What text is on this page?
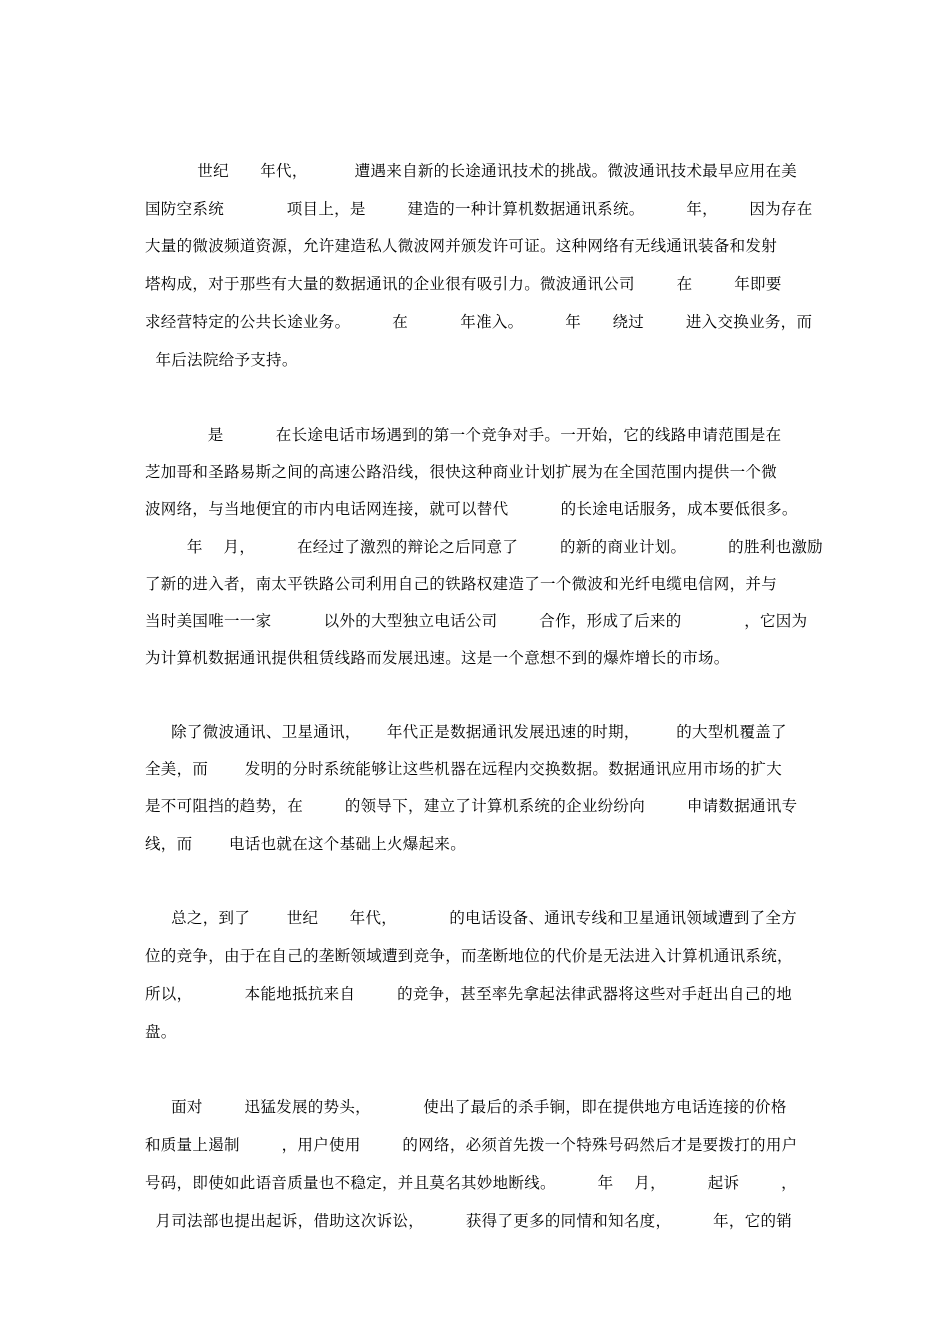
世纪      年代，         遭遇来自新的长途通讯技术的挑战。微波通讯技术最早应用在美
国防空系统            项目上，是        建造的一种计算机数据通讯系统。        年，      因为存在
大量的微波频道资源，允许建造私人微波网并颁发许可证。这种网络有无线通讯装备和发射
塔构成，对于那些有大量的数据通讯的企业很有吸引力。微波通讯公司        在        年即要
求经营特定的公共长途业务。        在          年准入。        年      绕过        进入交换业务，而
年后法院给予支持。
是          在长途电话市场遇到的第一个竞争对手。一开始，它的线路申请范围是在
芝加哥和圣路易斯之间的高速公路沿线，很快这种商业计划扩展为在全国范围内提供一个微
波网络，与当地便宜的市内电话网连接，就可以替代          的长途电话服务，成本要低很多。
年    月，        在经过了激烈的辩论之后同意了        的新的商业计划。        的胜利也激励
了新的进入者，南太平铁路公司利用自己的铁路权建造了一个微波和光纤电缆电信网，并与
当时美国唯一一家          以外的大型独立电话公司        合作，形成了后来的            ，它因为
为计算机数据通讯提供租赁线路而发展迅速。这是一个意想不到的爆炸增长的市场。
除了微波通讯、卫星通讯，     年代正是数据通讯发展迅速的时期，       的大型机覆盖了
全美，而       发明的分时系统能够让这些机器在远程内交换数据。数据通讯应用市场的扩大
是不可阻挡的趋势，在        的领导下，建立了计算机系统的企业纷纷向        申请数据通讯专
线，而       电话也就在这个基础上火爆起来。
总之，到了       世纪      年代，          的电话设备、通讯专线和卫星通讯领域遭到了全方
位的竞争，由于在自己的垄断领域遭到竞争，而垄断地位的代价是无法进入计算机通讯系统，
所以，          本能地抵抗来自        的竞争，甚至率先拿起法律武器将这些对手赶出自己的地
盘。
面对        迅猛发展的势头，          使出了最后的杀手锏，即在提供地方电话连接的价格
和质量上遏制        ，用户使用        的网络，必须首先拨一个特殊号码然后才是要拨打的用户
号码，即使如此语音质量也不稳定，并且莫名其妙地断线。        年    月，        起诉        ，
月司法部也提出起诉，借助这次诉讼，        获得了更多的同情和知名度，        年，它的销
